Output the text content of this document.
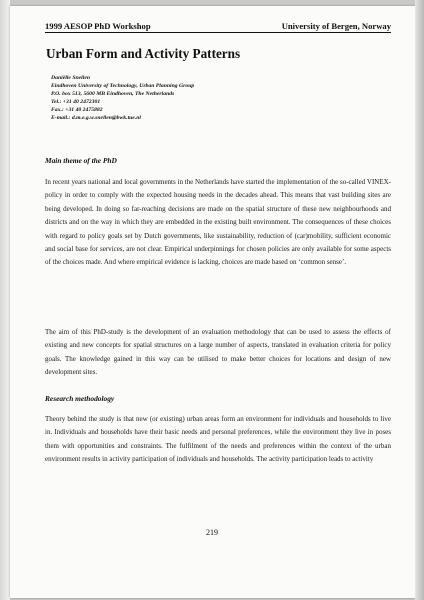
1999 AESOP PhD Workshop	University of Bergen, Norway
Urban Form and Activity Patterns
Daniëlle Snellen
Eindhoven University of Technology, Urban Planning Group
P.O. box 513, 5600 MB Eindhoven, The Netherlands
Tel.: +31 40 2472301
Fax.: +31 40 2475882
E-mail.: d.m.e.g.w.snellen@bwk.tue.nl
Main theme of the PhD
In recent years national and local governments in the Netherlands have started the implementation of the so-called VINEX-policy in order to comply with the expected housing needs in the decades ahead. This means that vast building sites are being developed. In doing so far-reaching decisions are made on the spatial structure of these new neighbourhoods and districts and on the way in which they are embedded in the existing built environment. The consequences of these choices with regard to policy goals set by Dutch governments, like sustainability, reduction of (car)mobility, sufficient economic and social base for services, are not clear. Empirical underpinnings for chosen policies are only available for some aspects of the choices made. And where empirical evidence is lacking, choices are made based on ‘common sense’.
The aim of this PhD-study is the development of an evaluation methodology that can be used to assess the effects of existing and new concepts for spatial structures on a large number of aspects, translated in evaluation criteria for policy goals. The knowledge gained in this way can be utilised to make better choices for locations and design of new development sites.
Research methodology
Theory behind the study is that new (or existing) urban areas form an environment for individuals and households to live in. Individuals and households have their basic needs and personal preferences, while the environment they live in poses them with opportunities and constraints. The fulfilment of the needs and preferences within the context of the urban environment results in activity participation of individuals and households. The activity participation leads to activity
219
